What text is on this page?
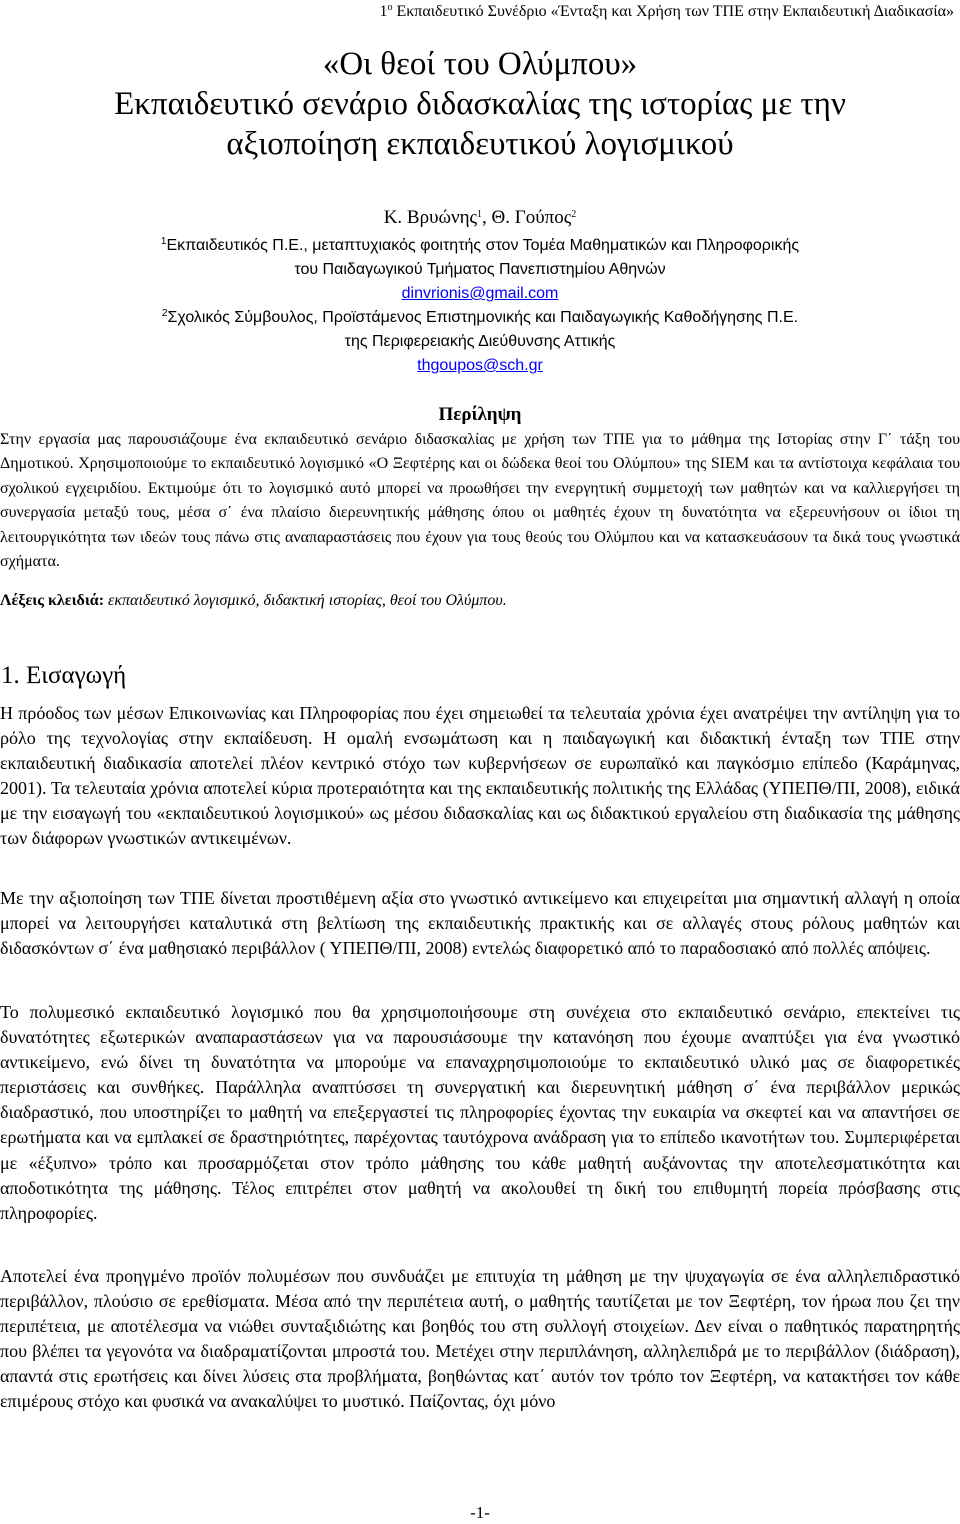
$1^o$ Εκπαιδευτικό Συνέδριο «Ένταξη και Χρήση των ΤΠΕ στην Εκπαιδευτική Διαδικασία»
«Οι θεοί του Ολύμπου»
Εκπαιδευτικό σενάριο διδασκαλίας της ιστορίας με την
αξιοποίηση εκπαιδευτικού λογισμικού
Κ. Βρυώνης$^1$, Θ. Γούπος$^2$
$^1$Εκπαιδευτικός Π.Ε., μεταπτυχιακός φοιτητής στον Τομέα Μαθηματικών και Πληροφορικής
του Παιδαγωγικού Τμήματος Πανεπιστημίου Αθηνών
dinvrionis@gmail.com
$^2$Σχολικός Σύμβουλος, Προϊστάμενος Επιστημονικής και Παιδαγωγικής Καθοδήγησης Π.Ε.
της Περιφερειακής Διεύθυνσης Αττικής
thgoupos@sch.gr
Περίληψη
Στην εργασία μας παρουσιάζουμε ένα εκπαιδευτικό σενάριο διδασκαλίας με χρήση των ΤΠΕ για το μάθημα της Ιστορίας στην Γ΄ τάξη του Δημοτικού. Χρησιμοποιούμε το εκπαιδευτικό λογισμικό «Ο Ξεφτέρης και οι δώδεκα θεοί του Ολύμπου» της SIEM και τα αντίστοιχα κεφάλαια του σχολικού εγχειριδίου. Εκτιμούμε ότι το λογισμικό αυτό μπορεί να προωθήσει την ενεργητική συμμετοχή των μαθητών και να καλλιεργήσει τη συνεργασία μεταξύ τους, μέσα σ΄ ένα πλαίσιο διερευνητικής μάθησης όπου οι μαθητές έχουν τη δυνατότητα να εξερευνήσουν οι ίδιοι τη λειτουργικότητα των ιδεών τους πάνω στις αναπαραστάσεις που έχουν για τους θεούς του Ολύμπου και να κατασκευάσουν τα δικά τους γνωστικά σχήματα.
Λέξεις κλειδιά: εκπαιδευτικό λογισμικό, διδακτική ιστορίας, θεοί του Ολύμπου.
1. Εισαγωγή

Η πρόοδος των μέσων Επικοινωνίας και Πληροφορίας που έχει σημειωθεί τα τελευταία χρόνια έχει ανατρέψει την αντίληψη για το ρόλο της τεχνολογίας στην εκπαίδευση. Η ομαλή ενσωμάτωση και η παιδαγωγική και διδακτική ένταξη των ΤΠΕ στην εκπαιδευτική διαδικασία αποτελεί πλέον κεντρικό στόχο των κυβερνήσεων σε ευρωπαϊκό και παγκόσμιο επίπεδο (Καράμηνας, 2001). Τα τελευταία χρόνια αποτελεί κύρια προτεραιότητα και της εκπαιδευτικής πολιτικής της Ελλάδας (ΥΠΕΠΘ/ΠΙ, 2008), ειδικά με την εισαγωγή του «εκπαιδευτικού λογισμικού» ως μέσου διδασκαλίας και ως διδακτικού εργαλείου στη διαδικασία της μάθησης των διάφορων γνωστικών αντικειμένων.

Με την αξιοποίηση των ΤΠΕ δίνεται προστιθέμενη αξία στο γνωστικό αντικείμενο και επιχειρείται μια σημαντική αλλαγή η οποία μπορεί να λειτουργήσει καταλυτικά στη βελτίωση της εκπαιδευτικής πρακτικής και σε αλλαγές στους ρόλους μαθητών και διδασκόντων σ΄ ένα μαθησιακό περιβάλλον ( ΥΠΕΠΘ/ΠΙ, 2008) εντελώς διαφορετικό από το παραδοσιακό από πολλές απόψεις.

Το πολυμεσικό εκπαιδευτικό λογισμικό που θα χρησιμοποιήσουμε στη συνέχεια στο εκπαιδευτικό σενάριο, επεκτείνει τις δυνατότητες εξωτερικών αναπαραστάσεων για να παρουσιάσουμε την κατανόηση που έχουμε αναπτύξει για ένα γνωστικό αντικείμενο, ενώ δίνει τη δυνατότητα να μπορούμε να επαναχρησιμοποιούμε το εκπαιδευτικό υλικό μας σε διαφορετικές περιστάσεις και συνθήκες. Παράλληλα αναπτύσσει τη συνεργατική και διερευνητική μάθηση σ΄ ένα περιβάλλον μερικώς διαδραστικό, που υποστηρίζει το μαθητή να επεξεργαστεί τις πληροφορίες έχοντας την ευκαιρία να σκεφτεί και να απαντήσει σε ερωτήματα και να εμπλακεί σε δραστηριότητες, παρέχοντας ταυτόχρονα ανάδραση για το επίπεδο ικανοτήτων του. Συμπεριφέρεται με «έξυπνο» τρόπο και προσαρμόζεται στον τρόπο μάθησης του κάθε μαθητή αυξάνοντας την αποτελεσματικότητα και αποδοτικότητα της μάθησης. Τέλος επιτρέπει στον μαθητή να ακολουθεί τη δική του επιθυμητή πορεία πρόσβασης στις πληροφορίες.

Αποτελεί ένα προηγμένο προϊόν πολυμέσων που συνδυάζει με επιτυχία τη μάθηση με την ψυχαγωγία σε ένα αλληλεπιδραστικό περιβάλλον, πλούσιο σε ερεθίσματα. Μέσα από την περιπέτεια αυτή, ο μαθητής ταυτίζεται με τον Ξεφτέρη, τον ήρωα που ζει την περιπέτεια, με αποτέλεσμα να νιώθει συνταξιδιώτης και βοηθός του στη συλλογή στοιχείων. Δεν είναι ο παθητικός παρατηρητής που βλέπει τα γεγονότα να διαδραματίζονται μπροστά του. Μετέχει στην περιπλάνηση, αλληλεπιδρά με το περιβάλλον (διάδραση), απαντά στις ερωτήσεις και δίνει λύσεις στα προβλήματα, βοηθώντας κατ΄ αυτόν τον τρόπο τον Ξεφτέρη, να κατακτήσει τον κάθε επιμέρους στόχο και φυσικά να ανακαλύψει το μυστικό. Παίζοντας, όχι μόνο

-1-
